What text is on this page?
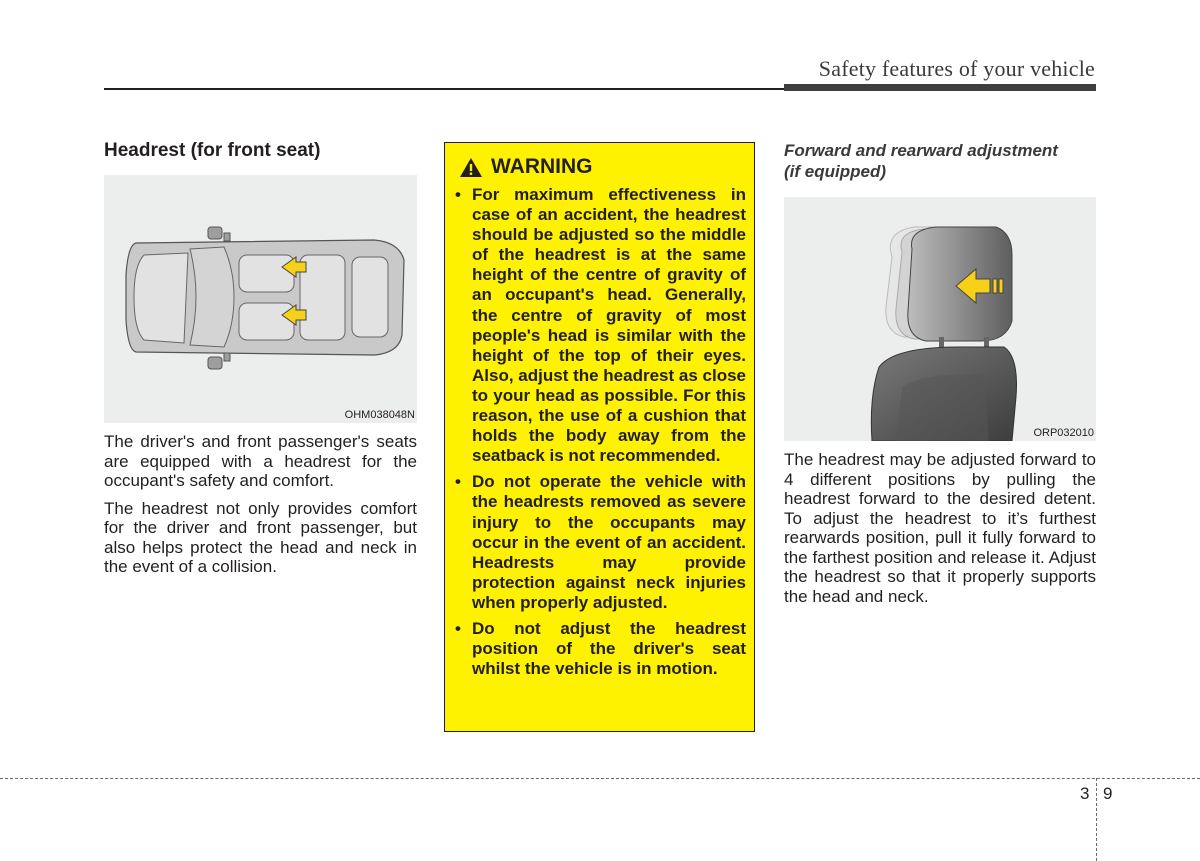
Safety features of your vehicle
Headrest (for front seat)
OHM038048N

The driver's and front passenger's seats are equipped with a headrest for the occupant's safety and comfort.

The headrest not only provides comfort for the driver and front passenger, but also helps protect the head and neck in the event of a collision.

WARNING
• For maximum effectiveness in case of an accident, the headrest should be adjusted so the middle of the headrest is at the same height of the centre of gravity of an occupant's head. Generally, the centre of gravity of most people's head is similar with the height of the top of their eyes. Also, adjust the headrest as close to your head as possible. For this reason, the use of a cushion that holds the body away from the seatback is not recommended.
• Do not operate the vehicle with the headrests removed as severe injury to the occupants may occur in the event of an accident. Headrests may provide protection against neck injuries when properly adjusted.
• Do not adjust the headrest position of the driver's seat whilst the vehicle is in motion.
Forward and rearward adjustment
(if equipped)
ORP032010

The headrest may be adjusted forward to 4 different positions by pulling the headrest forward to the desired detent. To adjust the headrest to it’s furthest rearwards position, pull it fully forward to the farthest position and release it. Adjust the headrest so that it properly supports the head and neck.

3 9
